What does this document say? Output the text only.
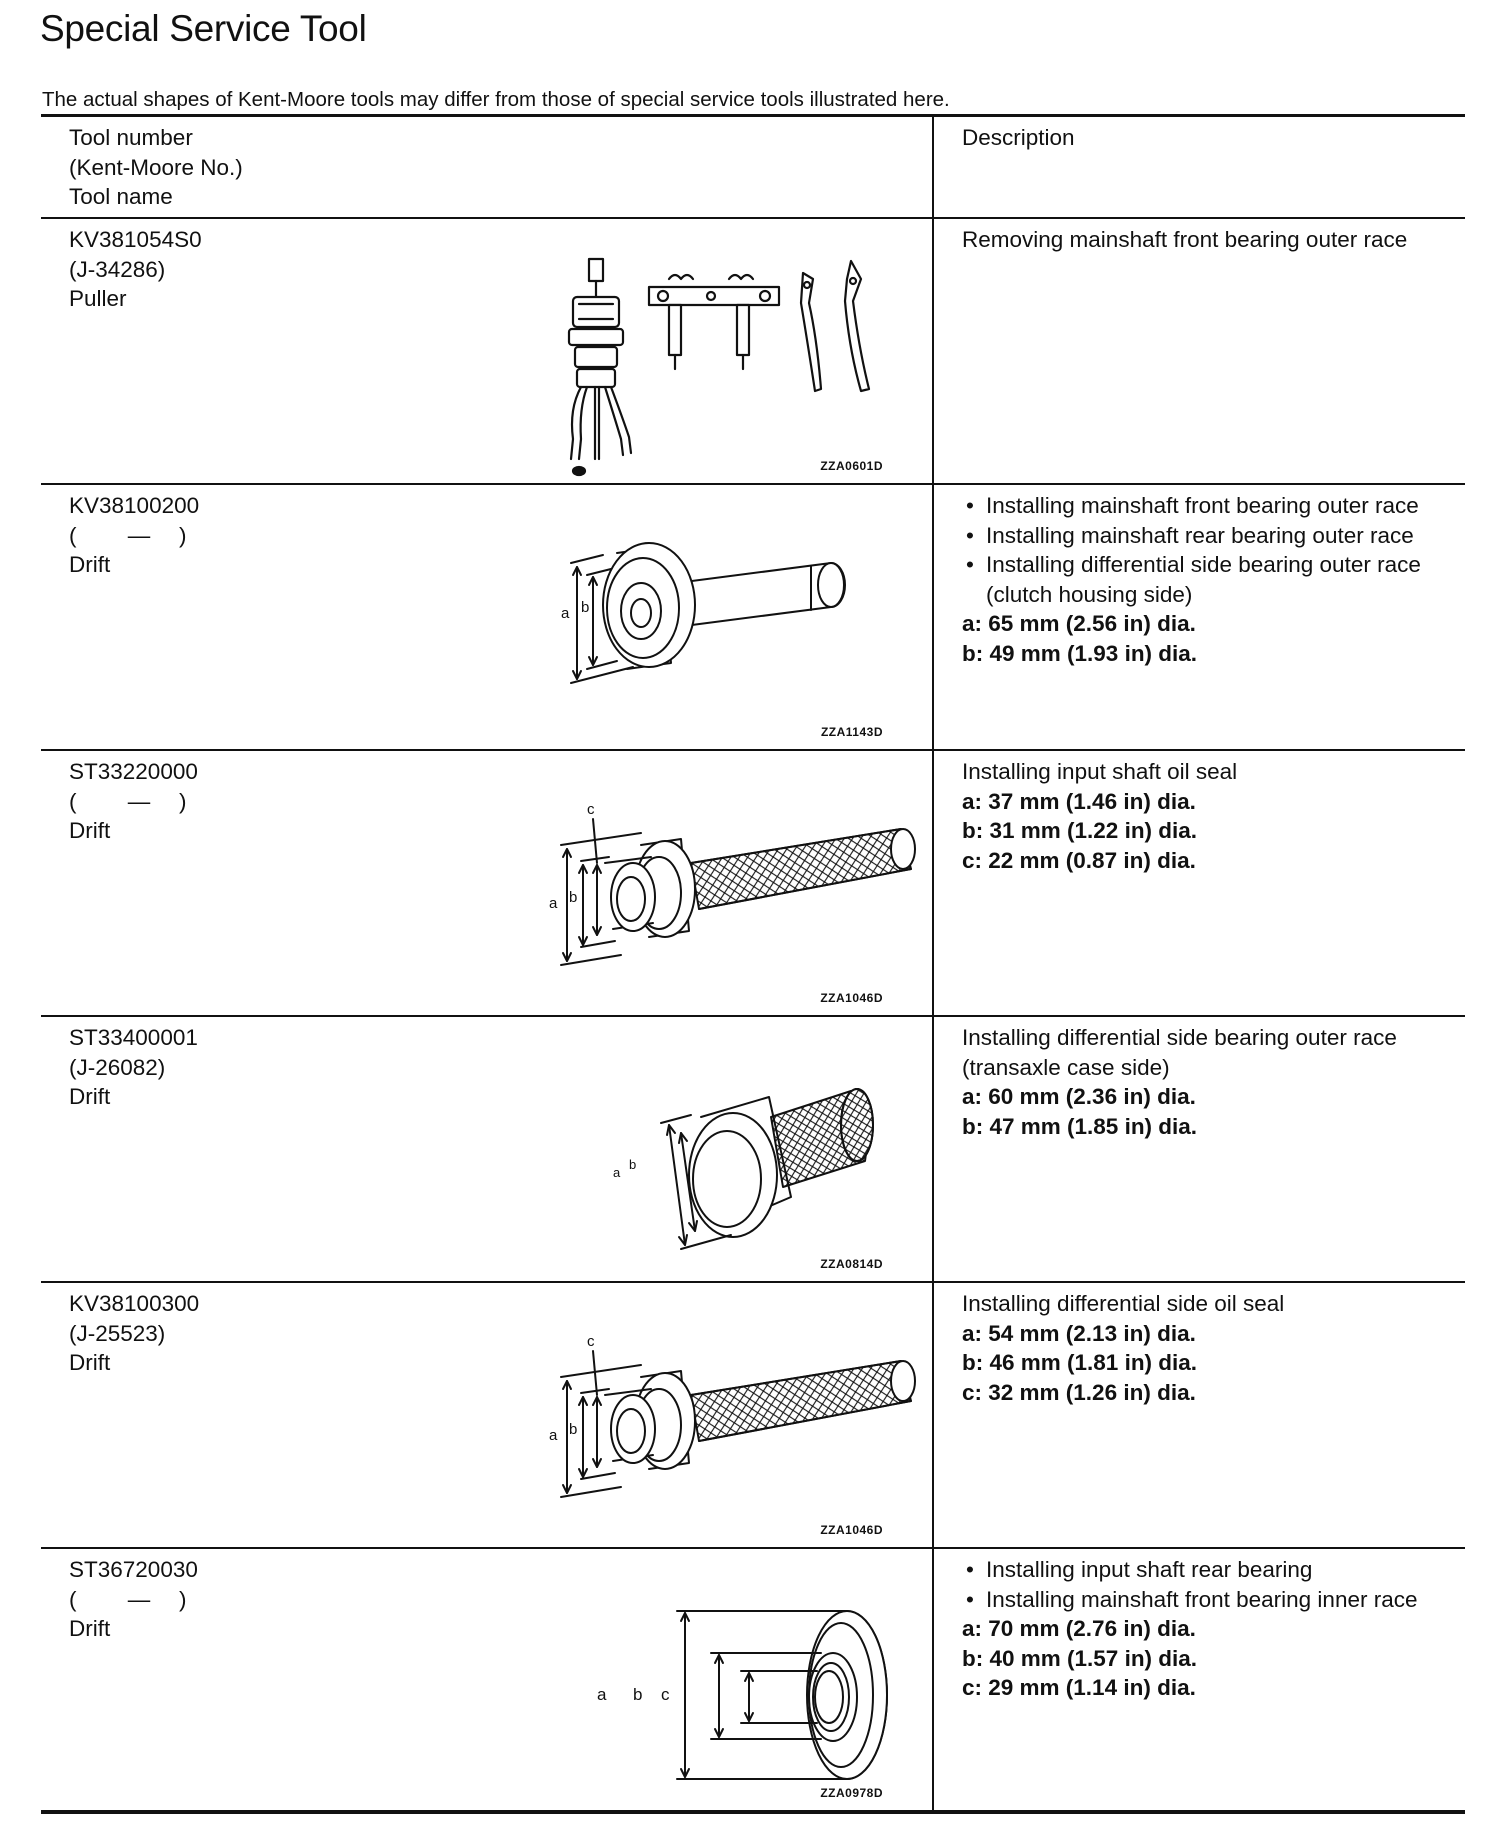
Special Service Tool
The actual shapes of Kent-Moore tools may differ from those of special service tools illustrated here.
Tool number
(Kent-Moore No.)
Tool name
Description
KV381054S0
(J-34286)
Puller
ZZA0601D
Removing mainshaft front bearing outer race
KV38100200
( — )
Drift
a b
ZZA1143D
• Installing mainshaft front bearing outer race
• Installing mainshaft rear bearing outer race
• Installing differential side bearing outer race
(clutch housing side)
a: 65 mm (2.56 in) dia.
b: 49 mm (1.93 in) dia.
ST33220000
( — )
Drift
a b
c
ZZA1046D
Installing input shaft oil seal
a: 37 mm (1.46 in) dia.
b: 31 mm (1.22 in) dia.
c: 22 mm (0.87 in) dia.
ST33400001
(J-26082)
Drift
a
b
ZZA0814D
Installing differential side bearing outer race
(transaxle case side)
a: 60 mm (2.36 in) dia.
b: 47 mm (1.85 in) dia.
KV38100300
(J-25523)
Drift
a b
c
ZZA1046D
Installing differential side oil seal
a: 54 mm (2.13 in) dia.
b: 46 mm (1.81 in) dia.
c: 32 mm (1.26 in) dia.
ST36720030
( — )
Drift
a b c
ZZA0978D
• Installing input shaft rear bearing
• Installing mainshaft front bearing inner race
a: 70 mm (2.76 in) dia.
b: 40 mm (1.57 in) dia.
c: 29 mm (1.14 in) dia.
